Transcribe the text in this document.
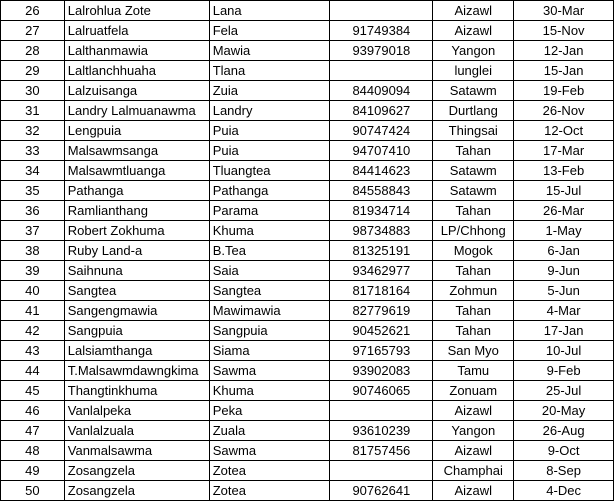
26	Lalrohlua Zote	Lana		Aizawl	30-Mar
27	Lalruatfela	Fela	91749384	Aizawl	15-Nov
28	Lalthanmawia	Mawia	93979018	Yangon	12-Jan
29	Laltlanchhuaha	Tlana		lunglei	15-Jan
30	Lalzuisanga	Zuia	84409094	Satawm	19-Feb
31	Landry Lalmuanawma	Landry	84109627	Durtlang	26-Nov
32	Lengpuia	Puia	90747424	Thingsai	12-Oct
33	Malsawmsanga	Puia	94707410	Tahan	17-Mar
34	Malsawmtluanga	Tluangtea	84414623	Satawm	13-Feb
35	Pathanga	Pathanga	84558843	Satawm	15-Jul
36	Ramlianthang	Parama	81934714	Tahan	26-Mar
37	Robert Zokhuma	Khuma	98734883	LP/Chhong	1-May
38	Ruby Land-a	B.Tea	81325191	Mogok	6-Jan
39	Saihnuna	Saia	93462977	Tahan	9-Jun
40	Sangtea	Sangtea	81718164	Zohmun	5-Jun
41	Sangengmawia	Mawimawia	82779619	Tahan	4-Mar
42	Sangpuia	Sangpuia	90452621	Tahan	17-Jan
43	Lalsiamthanga	Siama	97165793	San Myo	10-Jul
44	T.Malsawmdawngkima	Sawma	93902083	Tamu	9-Feb
45	Thangtinkhuma	Khuma	90746065	Zonuam	25-Jul
46	Vanlalpeka	Peka		Aizawl	20-May
47	Vanlalzuala	Zuala	93610239	Yangon	26-Aug
48	Vanmalsawma	Sawma	81757456	Aizawl	9-Oct
49	Zosangzela	Zotea		Champhai	8-Sep
50	Zosangzela	Zotea	90762641	Aizawl	4-Dec
